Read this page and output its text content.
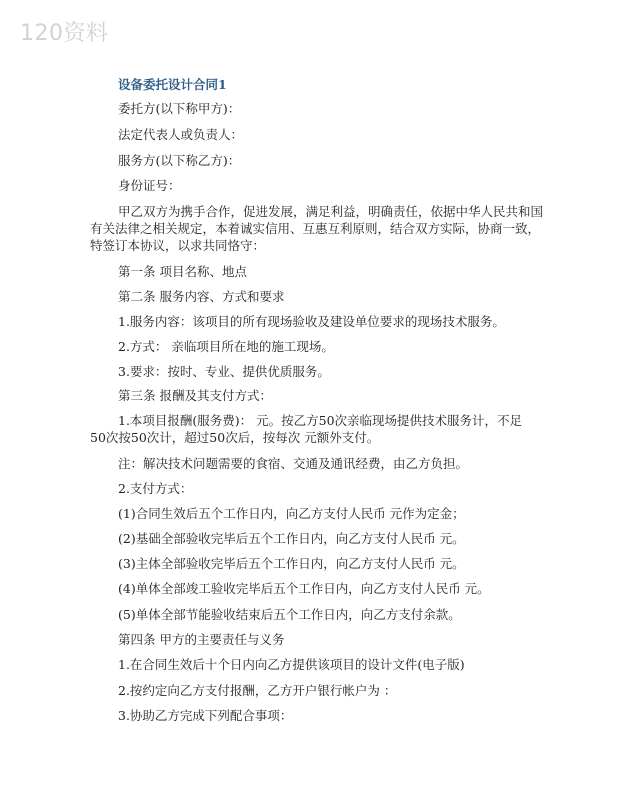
120资料
设备委托设计合同1
委托方(以下称甲方)：
法定代表人或负责人：
服务方(以下称乙方)：
身份证号：
甲乙双方为携手合作，促进发展，满足利益，明确责任，依据中华人民共和国
有关法律之相关规定，本着诚实信用、互惠互利原则，结合双方实际，协商一致，
特签订本协议，以求共同恪守：
第一条 项目名称、地点
第二条 服务内容、方式和要求
1.服务内容：该项目的所有现场验收及建设单位要求的现场技术服务。
2.方式： 亲临项目所在地的施工现场。
3.要求：按时、专业、提供优质服务。
第三条 报酬及其支付方式：
1.本项目报酬(服务费)： 元。按乙方50次亲临现场提供技术服务计，不足
50次按50次计，超过50次后，按每次 元额外支付。
注：解决技术问题需要的食宿、交通及通讯经费，由乙方负担。
2.支付方式：
(1)合同生效后五个工作日内，向乙方支付人民币 元作为定金；
(2)基础全部验收完毕后五个工作日内，向乙方支付人民币 元。
(3)主体全部验收完毕后五个工作日内，向乙方支付人民币 元。
(4)单体全部竣工验收完毕后五个工作日内，向乙方支付人民币 元。
(5)单体全部节能验收结束后五个工作日内，向乙方支付余款。
第四条 甲方的主要责任与义务
1.在合同生效后十个日内向乙方提供该项目的设计文件(电子版)
2.按约定向乙方支付报酬，乙方开户银行帐户为 ：
3.协助乙方完成下列配合事项：
